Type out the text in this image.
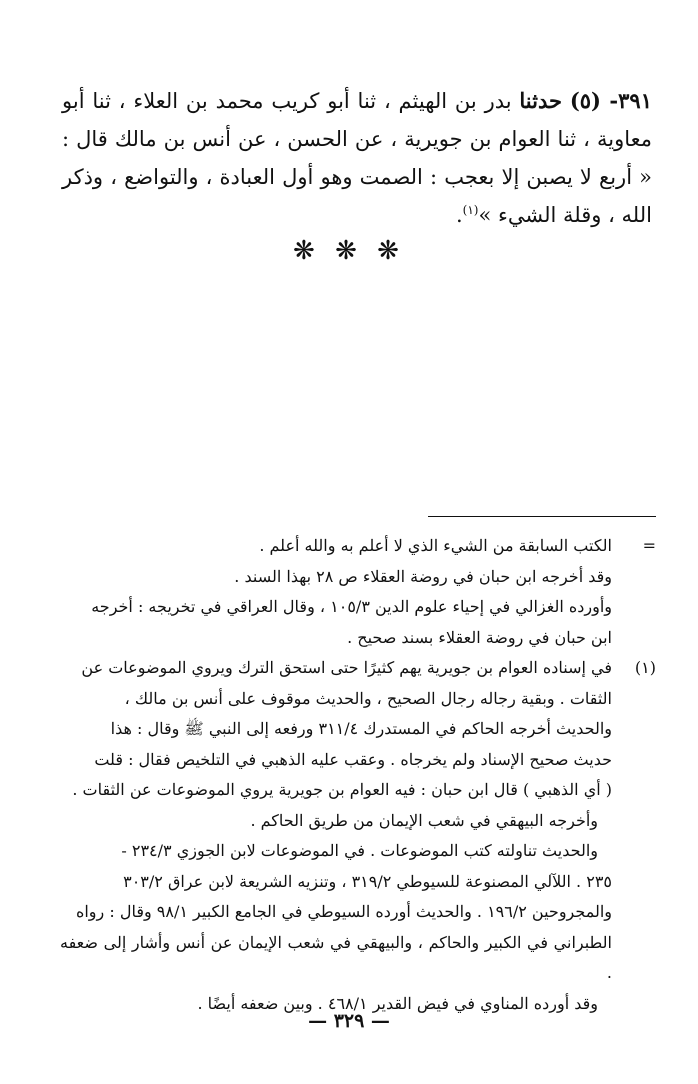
٣٩١- (٥) حدثنا بدر بن الهيثم ، ثنا أبو كريب محمد بن العلاء ، ثنا أبو معاوية ، ثنا العوام بن جويرية ، عن الحسن ، عن أنس بن مالك قال : « أربع لا يصبن إلا بعجب : الصمت وهو أول العبادة ، والتواضع ، وذكر الله ، وقلة الشيء »$^{(١)}$.
❋ ❋ ❋
=
الكتب السابقة من الشيء الذي لا أعلم به والله أعلم .
وقد أخرجه ابن حبان في روضة العقلاء ص ٢٨ بهذا السند .
وأورده الغزالي في إحياء علوم الدين ١٠٥/٣ ، وقال العراقي في تخريجه : أخرجه
ابن حبان في روضة العقلاء بسند صحيح .
(١)
في إسناده العوام بن جويرية يهم كثيرًا حتى استحق الترك ويروي الموضوعات عن
الثقات . وبقية رجاله رجال الصحيح ، والحديث موقوف على أنس بن مالك ،
والحديث أخرجه الحاكم في المستدرك ٣١١/٤ ورفعه إلى النبي ﷺ وقال : هذا
حديث صحيح الإسناد ولم يخرجاه . وعقب عليه الذهبي في التلخيص فقال : قلت
( أي الذهبي ) قال ابن حبان : فيه العوام بن جويرية يروي الموضوعات عن الثقات .
وأخرجه البيهقي في شعب الإيمان من طريق الحاكم .
والحديث تناولته كتب الموضوعات . في الموضوعات لابن الجوزي ٢٣٤/٣ -
٢٣٥ . اللآلي المصنوعة للسيوطي ٣١٩/٢ ، وتنزيه الشريعة لابن عراق ٣٠٣/٢
والمجروحين ١٩٦/٢ . والحديث أورده السيوطي في الجامع الكبير ٩٨/١ وقال : رواه
الطبراني في الكبير والحاكم ، والبيهقي في شعب الإيمان عن أنس وأشار إلى ضعفه .
وقد أورده المناوي في فيض القدير ٤٦٨/١ . وبين ضعفه أيضًا .
— ٣٢٩ —
